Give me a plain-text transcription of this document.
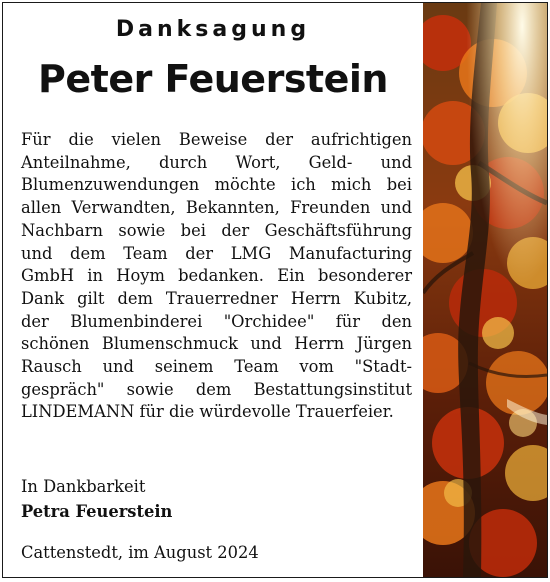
Danksagung
Peter Feuerstein

Für die vielen Beweise der aufrichtigen
Anteilnahme, durch Wort, Geld- und
Blumenzuwendungen möchte ich mich bei
allen Verwandten, Bekannten, Freunden und
Nachbarn sowie bei der Geschäftsführung
und dem Team der LMG Manufacturing
GmbH in Hoym bedanken. Ein besonderer
Dank gilt dem Trauerredner Herrn Kubitz,
der Blumenbinderei "Orchidee" für den
schönen Blumenschmuck und Herrn Jürgen
Rausch und seinem Team vom "Stadt-
gespräch" sowie dem Bestattungsinstitut
LINDEMANN für die würdevolle Trauerfeier.

In Dankbarkeit
Petra Feuerstein
Cattenstedt, im August 2024
